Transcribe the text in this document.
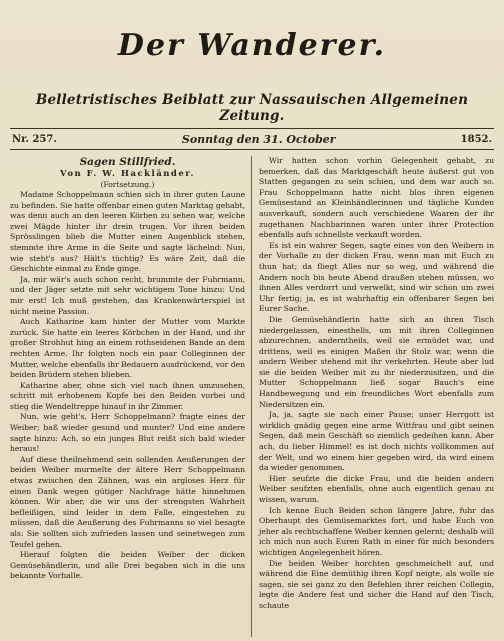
Der Wanderer.
Belletristisches Beiblatt zur Nassauischen Allgemeinen Zeitung.
Nr. 257.	Sonntag den 31. October	1852.
Sagen Stillfried.
Von F. W. Hackländer.
(Fortsetzung.)

Madame Schoppelmann schien sich in ihrer guten Laune zu befinden. Sie hatte offenbar einen guten Marktag gehabt, was denn auch an den leeren Körben zu sehen war, welche zwei Mägde hinter ihr drein trugen. Vor ihren beiden Sprösslingen blieb die Mutter einen Augenblick stehen, stemmte ihre Arme in die Seite und sagte lächelnd: Nun, wie steht's aus? Hält's tüchtig? Es wäre Zeit, daß die Geschichte einmal zu Ende ginge.

Ja, mir wär's auch schon recht, brummte der Fuhrmann, und der Jäger setzte mit sehr wichtigem Tone hinzu: Und mir erst! Ich muß gestehen, das Krankenwärterspiel ist nicht meine Passion.

Auch Katharine kam hinter der Mutter vom Markte zurück. Sie hatte ein leeres Körbchen in der Hand, und ihr großer Strohhut hing an einem rothseidenen Bande an dem rechten Arme. Ihr folgten noch ein paar Colleginnen der Mutter, welche ebenfalls ihr Bedauern ausdrückend, vor den beiden Brüdern stehen blieben.

Katharine aber, ohne sich viel nach ihnen umzusehen, schritt mit erhobenem Kopfe bei den Beiden vorbei und stieg die Wendeltreppe hinauf in ihr Zimmer.

Nun, wie geht's, Herr Schoppelmann? fragte eines der Weiber; baß wieder gesund und munter? Und eine andere sagte hinzu: Ach, so ein junges Blut reißt sich bald wieder heraus!

Auf diese theilnehmend sein sollenden Aeußerungen der beiden Weiber murmelte der ältere Herr Schoppelmann etwas zwischen den Zähnen, was ein argloses Herz für einen Dank wegen gütiger Nachfrage hätte hinnehmen können. Wir aber, die wir uns der strengsten Wahrheit befleißigen, sind leider in dem Falle, eingestehen zu müssen, daß die Aeußerung des Fuhrmanns so viel besagte als: Sie sollten sich zufrieden lassen und seinetwegen zum Teufel gehen.

Hierauf folgten die beiden Weiber der dicken Gemüsehändlerin, und alle Drei begaben sich in die uns bekannte Vorhalle.

Wir hatten schon vorhin Gelegenheit gehabt, zu bemerken, daß das Marktgeschäft heute äußerst gut von Statten gegangen zu sein schien, und dem war auch so. Frau Schoppelmann hatte nicht blos ihren eigenen Gemüsestand an Kleinhändlerinnen und tägliche Kunden ausverkauft, sondern auch verschiedene Waaren der ihr zugethanen Nachbarinnen waren unter ihrer Protection ebenfalls aufs schnellste verkauft worden.

Es ist ein wahrer Segen, sagte eines von den Weibern in der Vorhalle zu der dicken Frau, wenn man mit Euch zu thun hat; da fliegt Alles nur so weg, und während die Andern noch bis heute Abend draußen stehen müssen, wo ihnen Alles verdorrt und verwelkt, sind wir schon um zwei Uhr fertig; ja, es ist wahrhaftig ein offenbarer Segen bei Eurer Sache.

Die Gemüsehändlerin hatte sich an ihren Tisch niedergelassen, einesthells, um mit ihren Colleginnen abzurechnen, anderntheils, weil sie ermüdet war, und drittens, weil es einigen Maßen ihr Stolz war, wenn die andern Weiber stehend mit ihr verkehrten. Heute aber lud sie die beiden Weiber mit zu ihr niederzusitzen, und die Mutter Schoppelmann ließ sogar Bauch's eine Handbewegung und ein freundliches Wort ebenfalls zum Niedersitzen ein.

Ja, ja, sagte sie nach einer Pause; unser Herrgott ist wirklich gnädig gegen eine arme Wittfrau und gibt seinen Segen, daß mein Geschäft so ziemlich gedeihen kann. Aber ach, du lieber Himmel! es ist doch nichts vollkommen auf der Welt, und wo einem hier gegeben wird, da wird einem da wieder genommen.

Hier seufzte die dicke Frau, und die beiden andern Weiber seufzten ebenfalls, ohne auch eigentlich genau zu wissen, warum.

Ich kenne Euch Beiden schon längere Jahre, fuhr das Oberhaupt des Gemüsemarktes fort, und habe Euch von jeher als rechtschaffene Weiber kennen gelernt; deshalb will ich mich nun auch Euren Rath in einer für mich besonders wichtigen Angelegenheit hören.

Die beiden Weiber horchten geschmeichelt auf, und während die Eine demüthig ihren Kopf neigte, als wolle sie sagen, sie sei ganz zu den Befehlen ihrer reichen Collegin, legte die Andere fest und sicher die Hand auf den Tisch, schaute
